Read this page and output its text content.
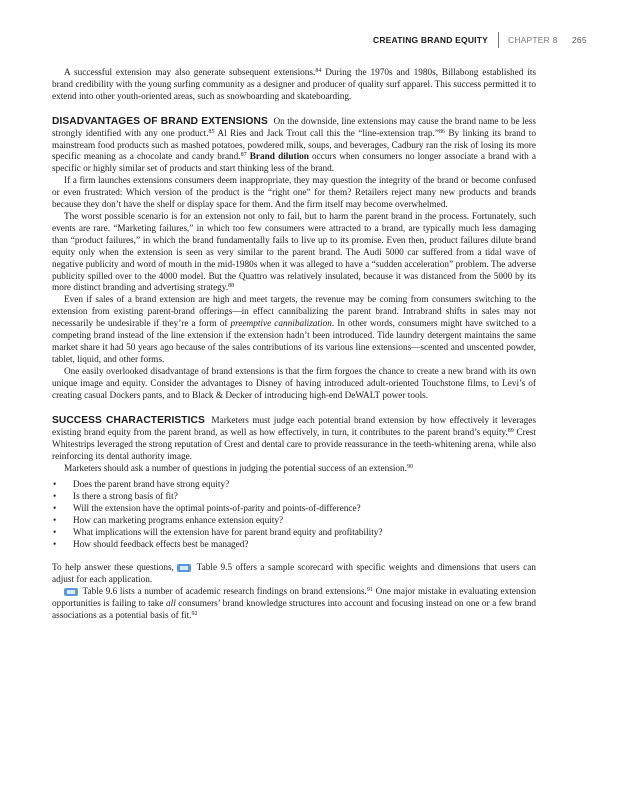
CREATING BRAND EQUITY CHAPTER 8 265

A successful extension may also generate subsequent extensions.$^{84}$ During the 1970s and 1980s, Billabong established its brand credibility with the young surfing community as a designer and producer of quality surf apparel. This success permitted it to extend into other youth-oriented areas, such as snowboarding and skateboarding.

DISADVANTAGES OF BRAND EXTENSIONS On the downside, line extensions may cause the brand name to be less strongly identified with any one product.$^{85}$ Al Ries and Jack Trout call this the “line-extension trap.”$^{86}$ By linking its brand to mainstream food products such as mashed potatoes, powdered milk, soups, and beverages, Cadbury ran the risk of losing its more specific meaning as a chocolate and candy brand.$^{87}$ Brand dilution occurs when consumers no longer associate a brand with a specific or highly similar set of products and start thinking less of the brand.

If a firm launches extensions consumers deem inappropriate, they may question the integrity of the brand or become confused or even frustrated: Which version of the product is the “right one” for them? Retailers reject many new products and brands because they don’t have the shelf or display space for them. And the firm itself may become overwhelmed.

The worst possible scenario is for an extension not only to fail, but to harm the parent brand in the process. Fortunately, such events are rare. “Marketing failures,” in which too few consumers were attracted to a brand, are typically much less damaging than “product failures,” in which the brand fundamentally fails to live up to its promise. Even then, product failures dilute brand equity only when the extension is seen as very similar to the parent brand. The Audi 5000 car suffered from a tidal wave of negative publicity and word of mouth in the mid-1980s when it was alleged to have a “sudden acceleration” problem. The adverse publicity spilled over to the 4000 model. But the Quattro was relatively insulated, because it was distanced from the 5000 by its more distinct branding and advertising strategy.$^{88}$

Even if sales of a brand extension are high and meet targets, the revenue may be coming from consumers switching to the extension from existing parent-brand offerings—in effect cannibalizing the parent brand. Intrabrand shifts in sales may not necessarily be undesirable if they’re a form of preemptive cannibalization. In other words, consumers might have switched to a competing brand instead of the line extension if the extension hadn’t been introduced. Tide laundry detergent maintains the same market share it had 50 years ago because of the sales contributions of its various line extensions—scented and unscented powder, tablet, liquid, and other forms.

One easily overlooked disadvantage of brand extensions is that the firm forgoes the chance to create a new brand with its own unique image and equity. Consider the advantages to Disney of having introduced adult-oriented Touchstone films, to Levi’s of creating casual Dockers pants, and to Black & Decker of introducing high-end DeWALT power tools.

SUCCESS CHARACTERISTICS Marketers must judge each potential brand extension by how effectively it leverages existing brand equity from the parent brand, as well as how effectively, in turn, it contributes to the parent brand’s equity.$^{89}$ Crest Whitestrips leveraged the strong reputation of Crest and dental care to provide reassurance in the teeth-whitening arena, while also reinforcing its dental authority image.

Marketers should ask a number of questions in judging the potential success of an extension.$^{90}$

• Does the parent brand have strong equity?
• Is there a strong basis of fit?
• Will the extension have the optimal points-of-parity and points-of-difference?
• How can marketing programs enhance extension equity?
• What implications will the extension have for parent brand equity and profitability?
• How should feedback effects best be managed?

To help answer these questions,  Table 9.5 offers a sample scorecard with specific weights and dimensions that users can adjust for each application.

Table 9.6 lists a number of academic research findings on brand extensions.$^{91}$ One major mistake in evaluating extension opportunities is failing to take all consumers’ brand knowledge structures into account and focusing instead on one or a few brand associations as a potential basis of fit.$^{92}$
